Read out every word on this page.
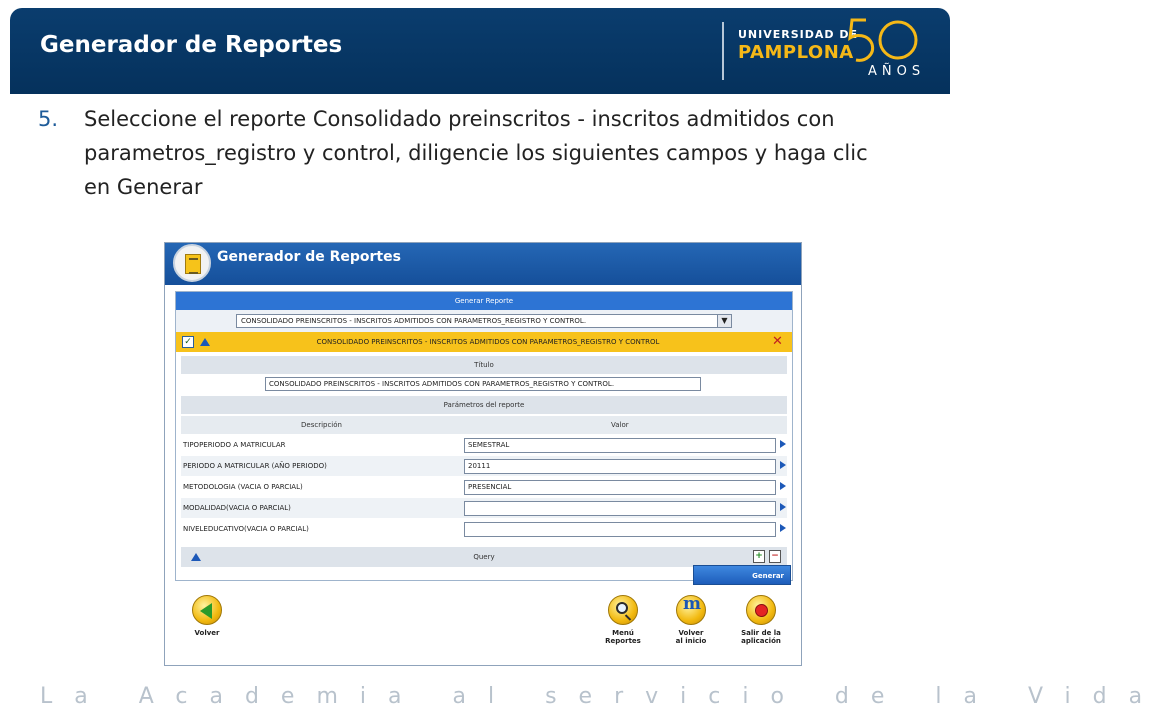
Generador de Reportes	UNIVERSIDAD DE
PAMPLONA
AÑOS
5. Seleccione el reporte Consolidado preinscritos - inscritos admitidos con parametros_registro y control, diligencie los siguientes campos y haga clic en Generar
Generador de Reportes
Generar Reporte
CONSOLIDADO PREINSCRITOS - INSCRITOS ADMITIDOS CON PARAMETROS_REGISTRO Y CONTROL.	▼
✓	CONSOLIDADO PREINSCRITOS - INSCRITOS ADMITIDOS CON PARAMETROS_REGISTRO Y CONTROL	✕
Título
CONSOLIDADO PREINSCRITOS - INSCRITOS ADMITIDOS CON PARAMETROS_REGISTRO Y CONTROL.
Parámetros del reporte
Descripción	Valor
TIPOPERIODO A MATRICULAR	SEMESTRAL
PERIODO A MATRICULAR (AÑO PERIODO)	20111
METODOLOGIA (VACIA O PARCIAL)	PRESENCIAL
MODALIDAD(VACIA O PARCIAL)
NIVELEDUCATIVO(VACIA O PARCIAL)
Query	+ −
Generar
Volver	Menú
Reportes
m
Volver
al inicio
Salir de la
aplicación
La Academia al servicio de la Vida
